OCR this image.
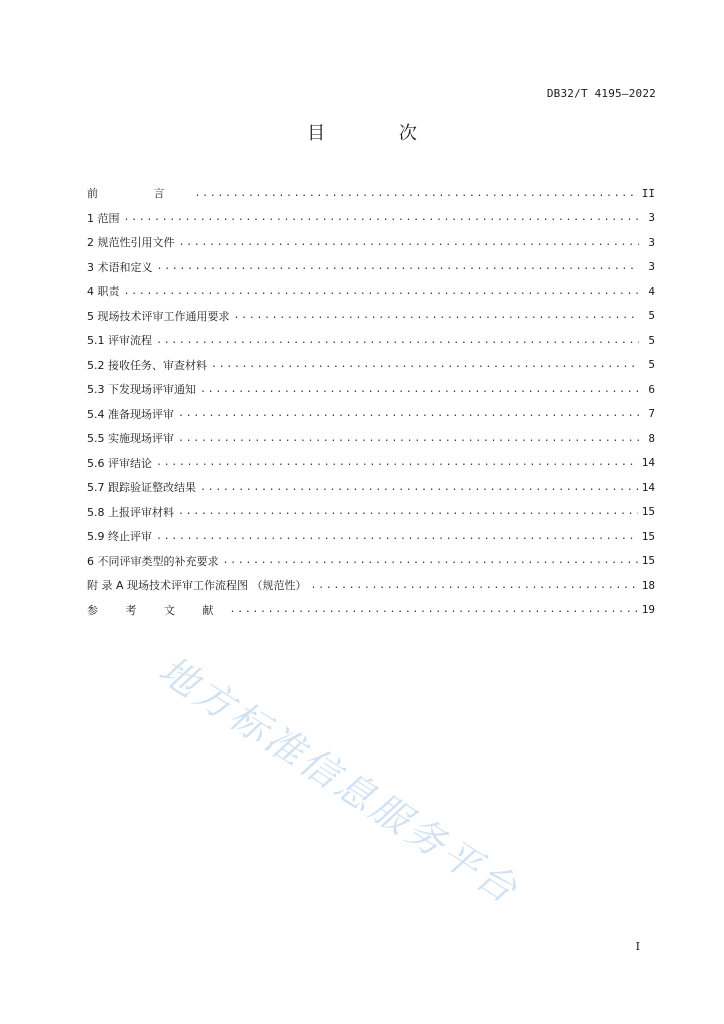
DB32/T 4195—2022
目 次
前 言 .....	II
1 范围 .....	3
2 规范性引用文件 .....	3
3 术语和定义 .....	3
4 职责 .....	4
5 现场技术评审工作通用要求 .....	5
5.1 评审流程 .....	5
5.2 接收任务、审查材料 .....	5
5.3 下发现场评审通知 .....	6
5.4 准备现场评审 .....	7
5.5 实施现场评审 .....	8
5.6 评审结论 .....	14
5.7 跟踪验证整改结果 .....	14
5.8 上报评审材料 .....	15
5.9 终止评审 .....	15
6 不同评审类型的补充要求 .....	15
附 录 A 现场技术评审工作流程图 （规范性） .....	18
参 考 文 献 .....	19
地方标准信息服务平台
I
